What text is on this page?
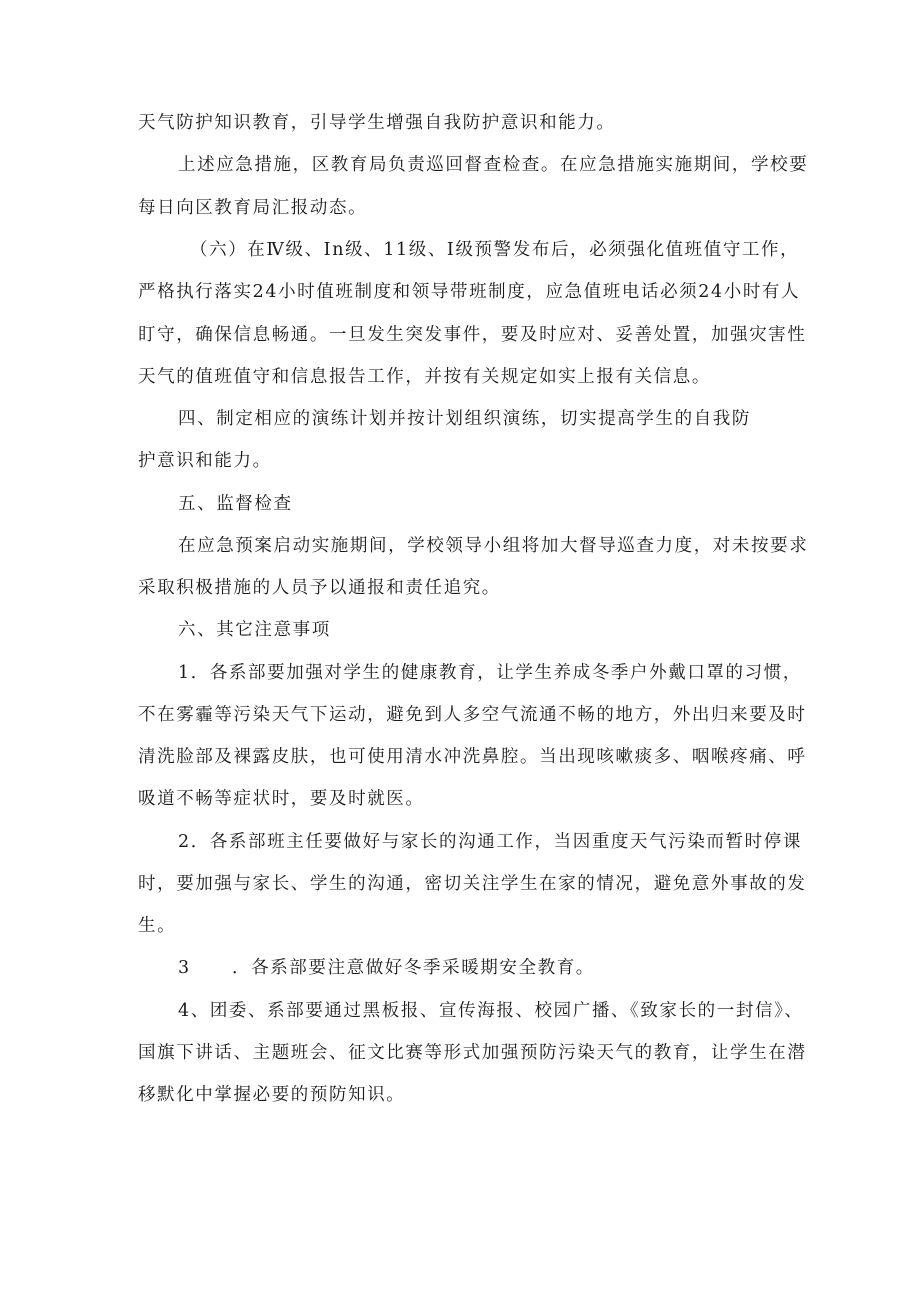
天气防护知识教育，引导学生增强自我防护意识和能力。
上述应急措施，区教育局负责巡回督查检查。在应急措施实施期间，学校要
每日向区教育局汇报动态。
（六）在Ⅳ级、In级、11级、Ⅰ级预警发布后，必须强化值班值守工作，
严格执行落实24小时值班制度和领导带班制度，应急值班电话必须24小时有人
盯守，确保信息畅通。一旦发生突发事件，要及时应对、妥善处置，加强灾害性
天气的值班值守和信息报告工作，并按有关规定如实上报有关信息。
四、制定相应的演练计划并按计划组织演练，切实提高学生的自我防
护意识和能力。
五、监督检查
在应急预案启动实施期间，学校领导小组将加大督导巡查力度，对未按要求
采取积极措施的人员予以通报和责任追究。
六、其它注意事项
1．各系部要加强对学生的健康教育，让学生养成冬季户外戴口罩的习惯，
不在雾霾等污染天气下运动，避免到人多空气流通不畅的地方，外出归来要及时
清洗脸部及裸露皮肤，也可使用清水冲洗鼻腔。当出现咳嗽痰多、咽喉疼痛、呼
吸道不畅等症状时，要及时就医。
2．各系部班主任要做好与家长的沟通工作，当因重度天气污染而暂时停课
时，要加强与家长、学生的沟通，密切关注学生在家的情况，避免意外事故的发
生。
3	．各系部要注意做好冬季采暖期安全教育。
4、团委、系部要通过黑板报、宣传海报、校园广播、《致家长的一封信》、
国旗下讲话、主题班会、征文比赛等形式加强预防污染天气的教育，让学生在潜
移默化中掌握必要的预防知识。
